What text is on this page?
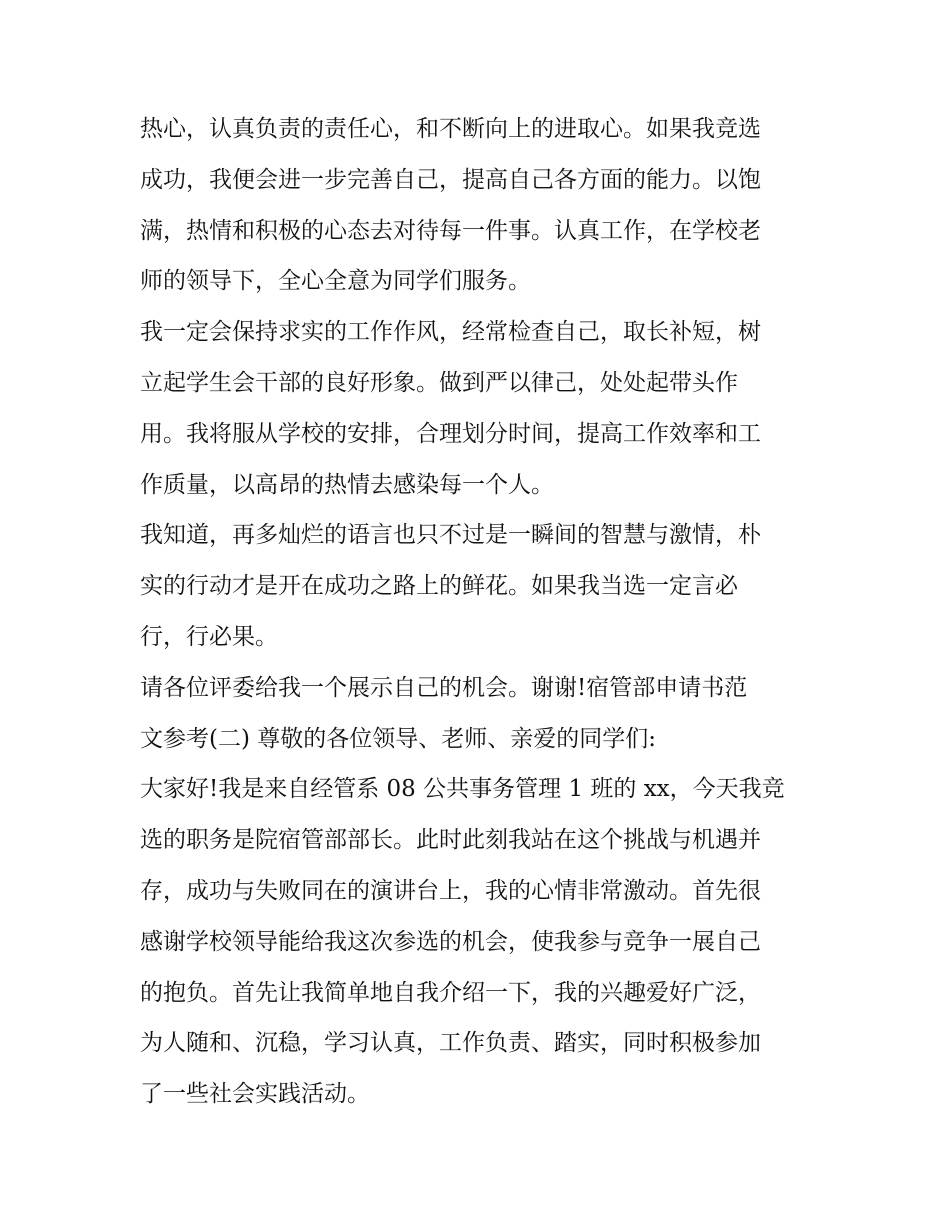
热心，认真负责的责任心，和不断向上的进取心。如果我竞选
成功，我便会进一步完善自己，提高自己各方面的能力。以饱
满，热情和积极的心态去对待每一件事。认真工作，在学校老
师的领导下，全心全意为同学们服务。
我一定会保持求实的工作作风，经常检查自己，取长补短，树
立起学生会干部的良好形象。做到严以律己，处处起带头作
用。我将服从学校的安排，合理划分时间，提高工作效率和工
作质量，以高昂的热情去感染每一个人。
我知道，再多灿烂的语言也只不过是一瞬间的智慧与激情，朴
实的行动才是开在成功之路上的鲜花。如果我当选一定言必
行，行必果。
请各位评委给我一个展示自己的机会。谢谢!宿管部申请书范
文参考(二) 尊敬的各位领导、老师、亲爱的同学们:
大家好!我是来自经管系 08 公共事务管理 1 班的 xx，今天我竞
选的职务是院宿管部部长。此时此刻我站在这个挑战与机遇并
存，成功与失败同在的演讲台上，我的心情非常激动。首先很
感谢学校领导能给我这次参选的机会，使我参与竞争一展自己
的抱负。首先让我简单地自我介绍一下，我的兴趣爱好广泛，
为人随和、沉稳，学习认真，工作负责、踏实，同时积极参加
了一些社会实践活动。
